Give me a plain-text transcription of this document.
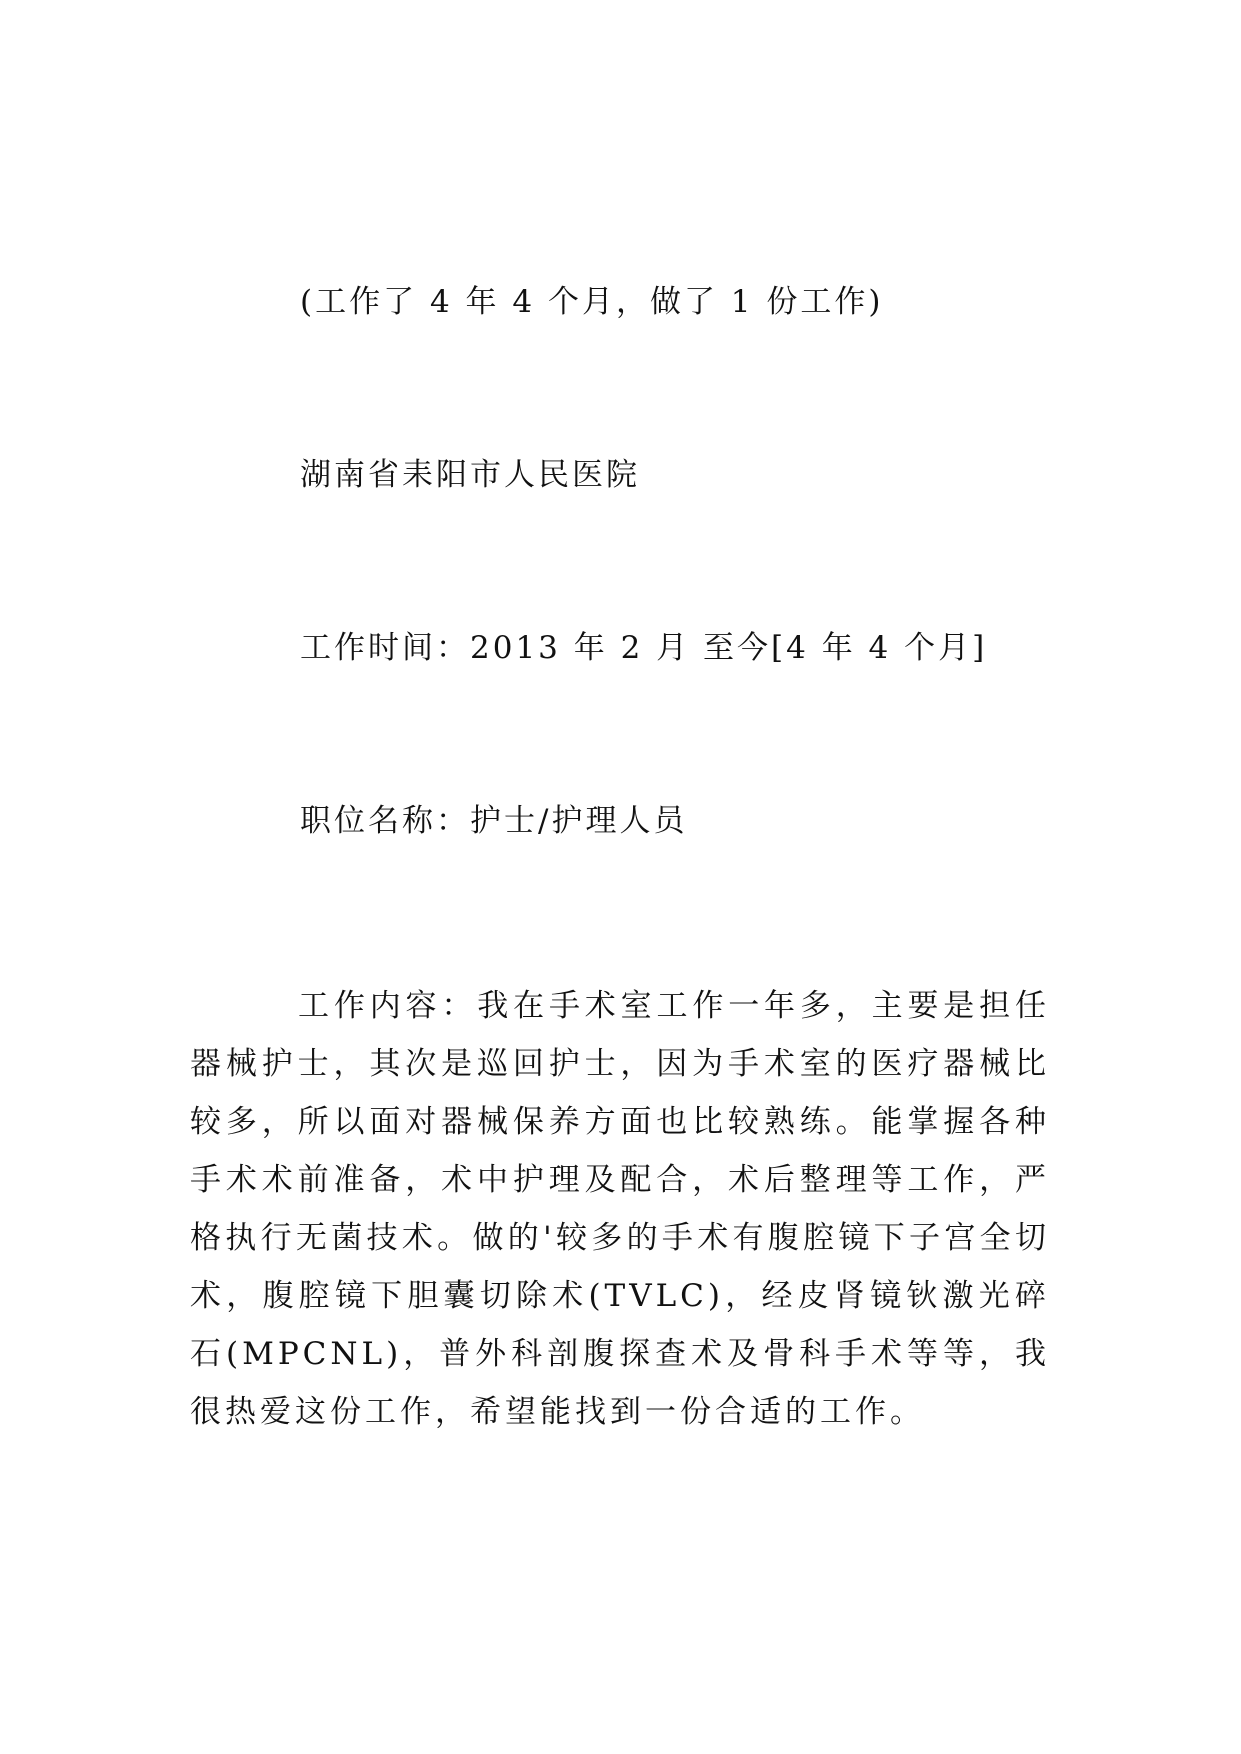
(工作了 4 年 4 个月，做了 1 份工作)
湖南省耒阳市人民医院
工作时间：2013 年 2 月 至今[4 年 4 个月]
职位名称：护士/护理人员
工作内容：我在手术室工作一年多，主要是担任器械护士，其次是巡回护士，因为手术室的医疗器械比较多，所以面对器械保养方面也比较熟练。能掌握各种手术术前准备，术中护理及配合，术后整理等工作，严格执行无菌技术。做的'较多的手术有腹腔镜下子宫全切术，腹腔镜下胆囊切除术(TVLC)，经皮肾镜钬激光碎石(MPCNL)，普外科剖腹探查术及骨科手术等等，我很热爱这份工作，希望能找到一份合适的工作。
